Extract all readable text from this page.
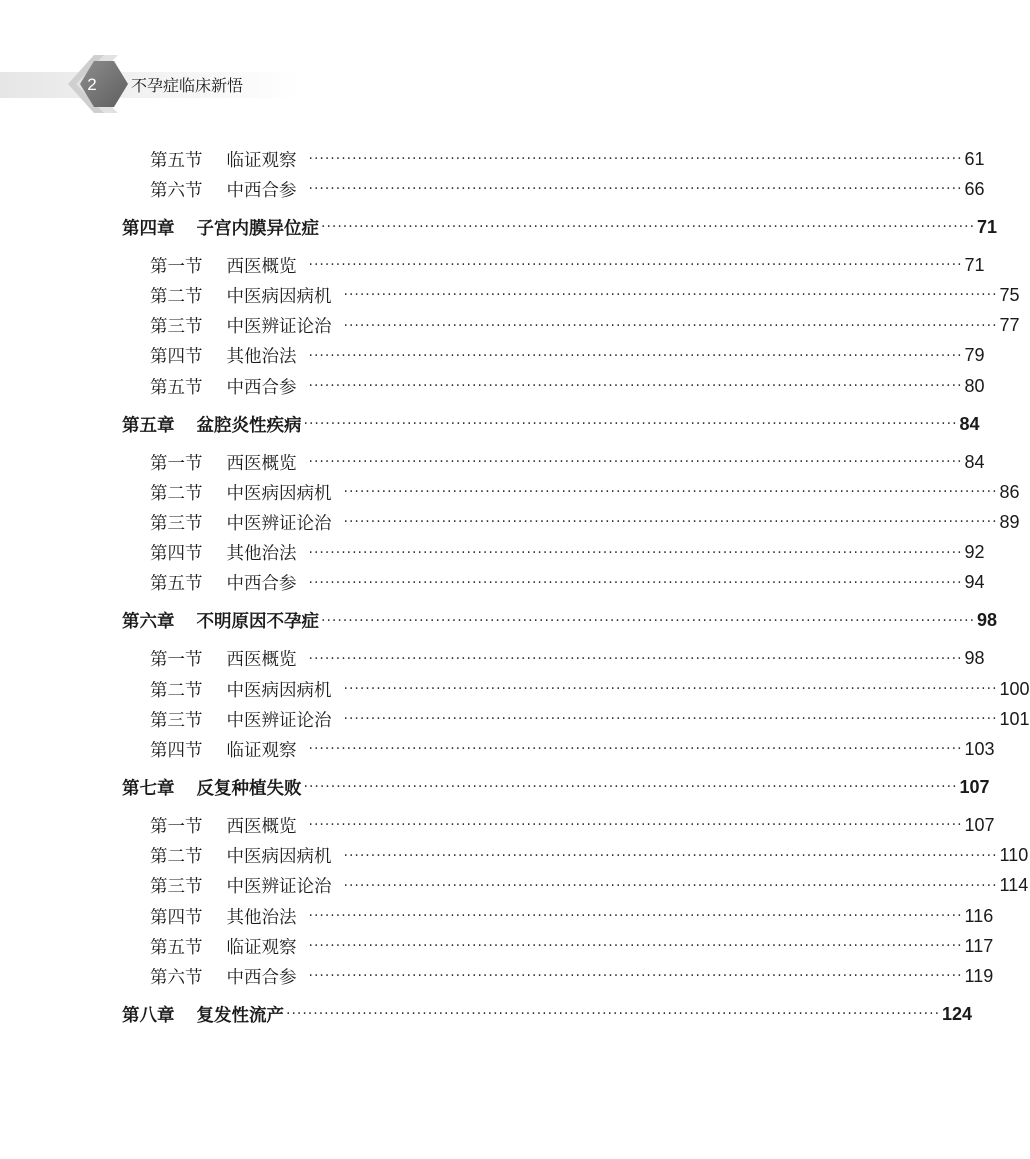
2	不孕症临床新悟
第五节 临证观察 ························································································································ 61
第六节 中西合参 ························································································································ 66
第四章 子宫内膜异位症 ························································································································ 71
第一节 西医概览 ························································································································ 71
第二节 中医病因病机 ························································································································ 75
第三节 中医辨证论治 ························································································································ 77
第四节 其他治法 ························································································································ 79
第五节 中西合参 ························································································································ 80
第五章 盆腔炎性疾病 ························································································································ 84
第一节 西医概览 ························································································································ 84
第二节 中医病因病机 ························································································································ 86
第三节 中医辨证论治 ························································································································ 89
第四节 其他治法 ························································································································ 92
第五节 中西合参 ························································································································ 94
第六章 不明原因不孕症 ························································································································ 98
第一节 西医概览 ························································································································ 98
第二节 中医病因病机 ························································································································ 100
第三节 中医辨证论治 ························································································································ 101
第四节 临证观察 ························································································································ 103
第七章 反复种植失败 ························································································································ 107
第一节 西医概览 ························································································································ 107
第二节 中医病因病机 ························································································································ 110
第三节 中医辨证论治 ························································································································ 114
第四节 其他治法 ························································································································ 116
第五节 临证观察 ························································································································ 117
第六节 中西合参 ························································································································ 119
第八章 复发性流产 ························································································································ 124
